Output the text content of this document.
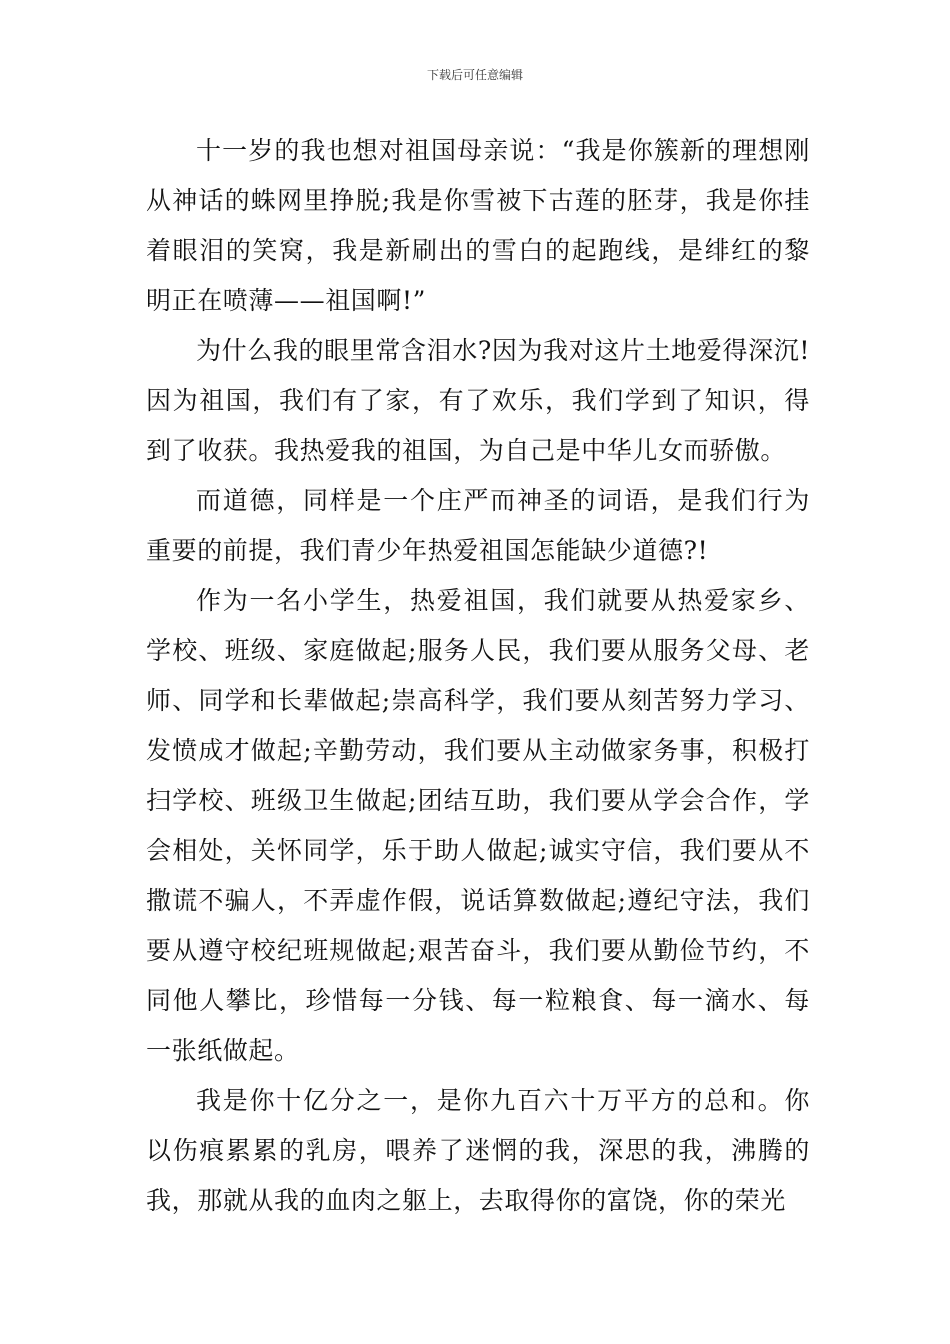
下载后可任意编辑

十一岁的我也想对祖国母亲说：“我是你簇新的理想刚从神话的蛛网里挣脱;我是你雪被下古莲的胚芽，我是你挂着眼泪的笑窝，我是新刷出的雪白的起跑线，是绯红的黎明正在喷薄——祖国啊!”

为什么我的眼里常含泪水?因为我对这片土地爱得深沉!因为祖国，我们有了家，有了欢乐，我们学到了知识，得到了收获。我热爱我的祖国，为自己是中华儿女而骄傲。

而道德，同样是一个庄严而神圣的词语，是我们行为重要的前提，我们青少年热爱祖国怎能缺少道德?!

作为一名小学生，热爱祖国，我们就要从热爱家乡、学校、班级、家庭做起;服务人民，我们要从服务父母、老师、同学和长辈做起;崇高科学，我们要从刻苦努力学习、发愤成才做起;辛勤劳动，我们要从主动做家务事，积极打扫学校、班级卫生做起;团结互助，我们要从学会合作，学会相处，关怀同学，乐于助人做起;诚实守信，我们要从不撒谎不骗人，不弄虚作假，说话算数做起;遵纪守法，我们要从遵守校纪班规做起;艰苦奋斗，我们要从勤俭节约，不同他人攀比，珍惜每一分钱、每一粒粮食、每一滴水、每一张纸做起。

我是你十亿分之一，是你九百六十万平方的总和。你以伤痕累累的乳房，喂养了迷惘的我，深思的我，沸腾的我，那就从我的血肉之躯上，去取得你的富饶，你的荣光
